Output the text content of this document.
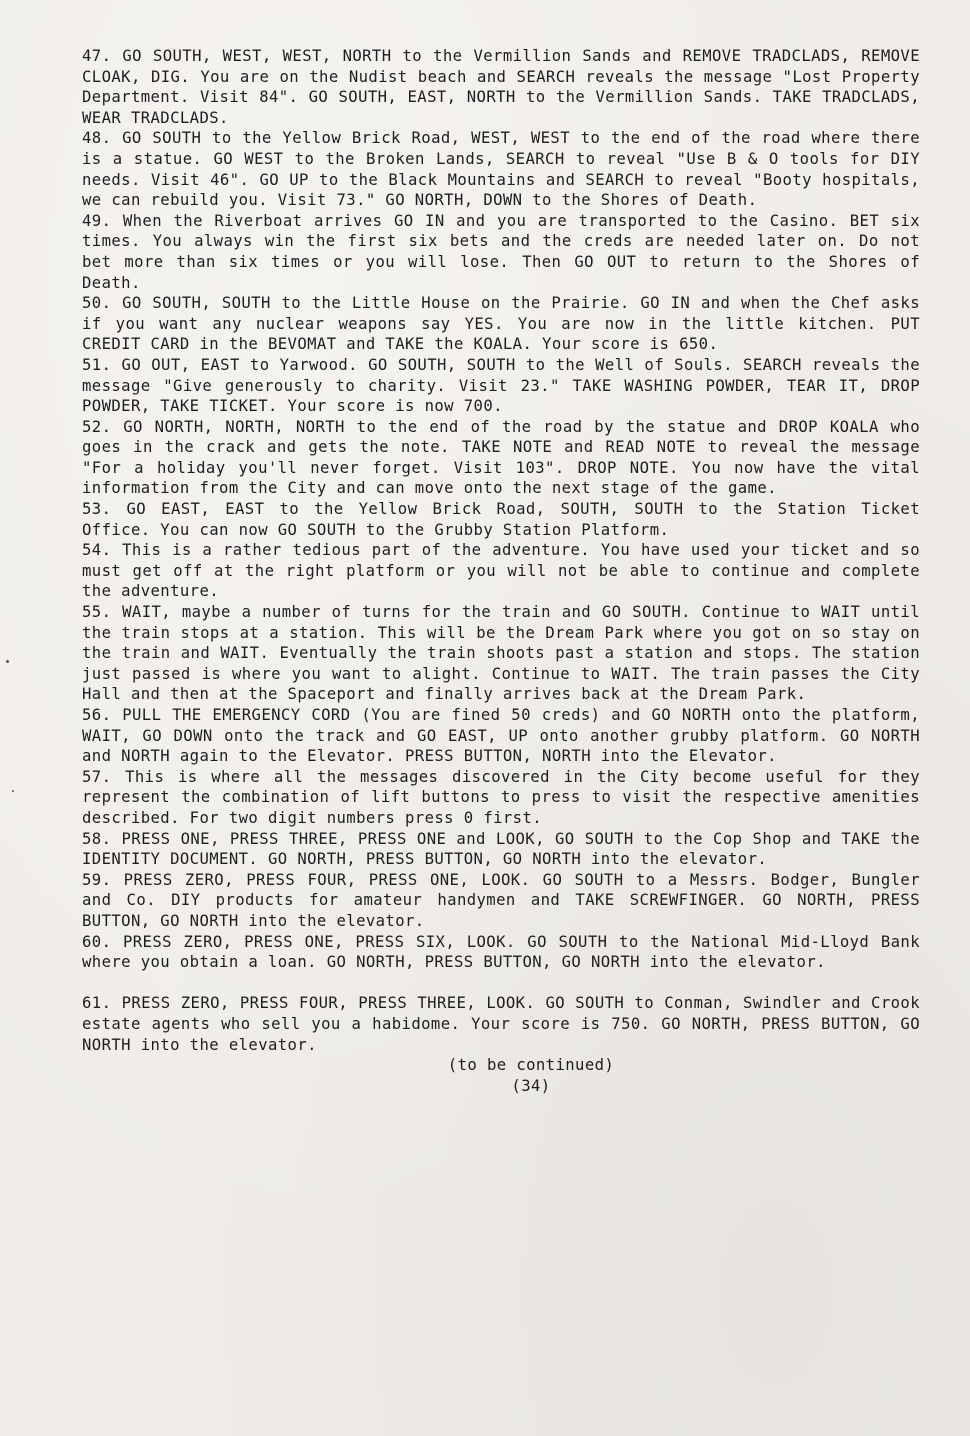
47. GO SOUTH, WEST, WEST, NORTH to the Vermillion Sands and REMOVE TRADCLADS, REMOVE CLOAK, DIG. You are on the Nudist beach and SEARCH reveals the message "Lost Property Department. Visit 84". GO SOUTH, EAST, NORTH to the Vermillion Sands. TAKE TRADCLADS, WEAR TRADCLADS.

48. GO SOUTH to the Yellow Brick Road, WEST, WEST to the end of the road where there is a statue. GO WEST to the Broken Lands, SEARCH to reveal "Use B & O tools for DIY needs. Visit 46". GO UP to the Black Mountains and SEARCH to reveal "Booty hospitals, we can rebuild you. Visit 73." GO NORTH, DOWN to the Shores of Death.

49. When the Riverboat arrives GO IN and you are transported to the Casino. BET six times. You always win the first six bets and the creds are needed later on. Do not bet more than six times or you will lose. Then GO OUT to return to the Shores of Death.

50. GO SOUTH, SOUTH to the Little House on the Prairie. GO IN and when the Chef asks if you want any nuclear weapons say YES. You are now in the little kitchen. PUT CREDIT CARD in the BEVOMAT and TAKE the KOALA. Your score is 650.

51. GO OUT, EAST to Yarwood. GO SOUTH, SOUTH to the Well of Souls. SEARCH reveals the message "Give generously to charity. Visit 23." TAKE WASHING POWDER, TEAR IT, DROP POWDER, TAKE TICKET. Your score is now 700.

52. GO NORTH, NORTH, NORTH to the end of the road by the statue and DROP KOALA who goes in the crack and gets the note. TAKE NOTE and READ NOTE to reveal the message "For a holiday you'll never forget. Visit 103". DROP NOTE. You now have the vital information from the City and can move onto the next stage of the game.

53. GO EAST, EAST to the Yellow Brick Road, SOUTH, SOUTH to the Station Ticket Office. You can now GO SOUTH to the Grubby Station Platform.

54. This is a rather tedious part of the adventure. You have used your ticket and so must get off at the right platform or you will not be able to continue and complete the adventure.

55. WAIT, maybe a number of turns for the train and GO SOUTH. Continue to WAIT until the train stops at a station. This will be the Dream Park where you got on so stay on the train and WAIT. Eventually the train shoots past a station and stops. The station just passed is where you want to alight. Continue to WAIT. The train passes the City Hall and then at the Spaceport and finally arrives back at the Dream Park.

56. PULL THE EMERGENCY CORD (You are fined 50 creds) and GO NORTH onto the platform, WAIT, GO DOWN onto the track and GO EAST, UP onto another grubby platform. GO NORTH and NORTH again to the Elevator. PRESS BUTTON, NORTH into the Elevator.

57. This is where all the messages discovered in the City become useful for they represent the combination of lift buttons to press to visit the respective amenities described. For two digit numbers press 0 first.

58. PRESS ONE, PRESS THREE, PRESS ONE and LOOK, GO SOUTH to the Cop Shop and TAKE the IDENTITY DOCUMENT. GO NORTH, PRESS BUTTON, GO NORTH into the elevator.

59. PRESS ZERO, PRESS FOUR, PRESS ONE, LOOK. GO SOUTH to a Messrs. Bodger, Bungler and Co. DIY products for amateur handymen and TAKE SCREWFINGER. GO NORTH, PRESS BUTTON, GO NORTH into the elevator.

60. PRESS ZERO, PRESS ONE, PRESS SIX, LOOK. GO SOUTH to the National Mid-Lloyd Bank where you obtain a loan. GO NORTH, PRESS BUTTON, GO NORTH into the elevator.

61. PRESS ZERO, PRESS FOUR, PRESS THREE, LOOK. GO SOUTH to Conman, Swindler and Crook estate agents who sell you a habidome. Your score is 750. GO NORTH, PRESS BUTTON, GO NORTH into the elevator.

(to be continued)

(34)
